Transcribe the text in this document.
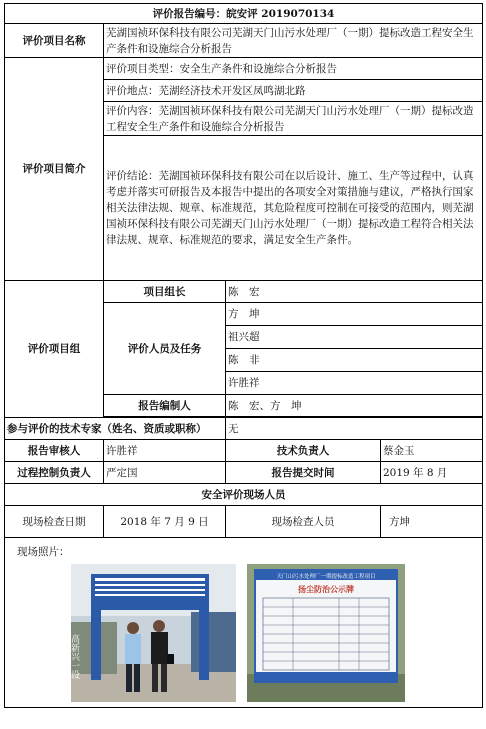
评价报告编号：皖安评 2019070134			
评价项目名称	芜湖国祯环保科技有限公司芜湖天门山污水处理厂（一期）提标改造工程安全生产条件和设施综合分析报告		
评价项目简介	评价项目类型：安全生产条件和设施综合分析报告		
	评价地点：芜湖经济技术开发区凤鸣湖北路		
	评价内容：芜湖国祯环保科技有限公司芜湖天门山污水处理厂（一期）提标改造工程安全生产条件和设施综合分析报告		
	评价结论：芜湖国祯环保科技有限公司在以后设计、施工、生产等过程中，认真考虑并落实可研报告及本报告中提出的各项安全对策措施与建议，严格执行国家相关法律法规、规章、标准规范，其危险程度可控制在可接受的范围内，则芜湖国祯环保科技有限公司芜湖天门山污水处理厂（一期）提标改造工程符合相关法律法规、规章、标准规范的要求，满足安全生产条件。		
评价项目组	项目组长	陈　宏	
	评价人员及任务	方　坤	
		祖兴超	
		陈　非	
		许胜祥	
	报告编制人	陈　宏、方　坤	

参与评价的技术专家（姓名、资质或职称）		无	
报告审核人	许胜祥	技术负责人	蔡金玉
过程控制负责人	严定国	报告提交时间	2019 年 8 月
安全评价现场人员			
现场检查日期	2018 年 7 月 9 日	现场检查人员	方坤

现场照片：
高新兴一设

天门山污水处理厂一期提标改造工程项目
扬尘防治公示牌			
